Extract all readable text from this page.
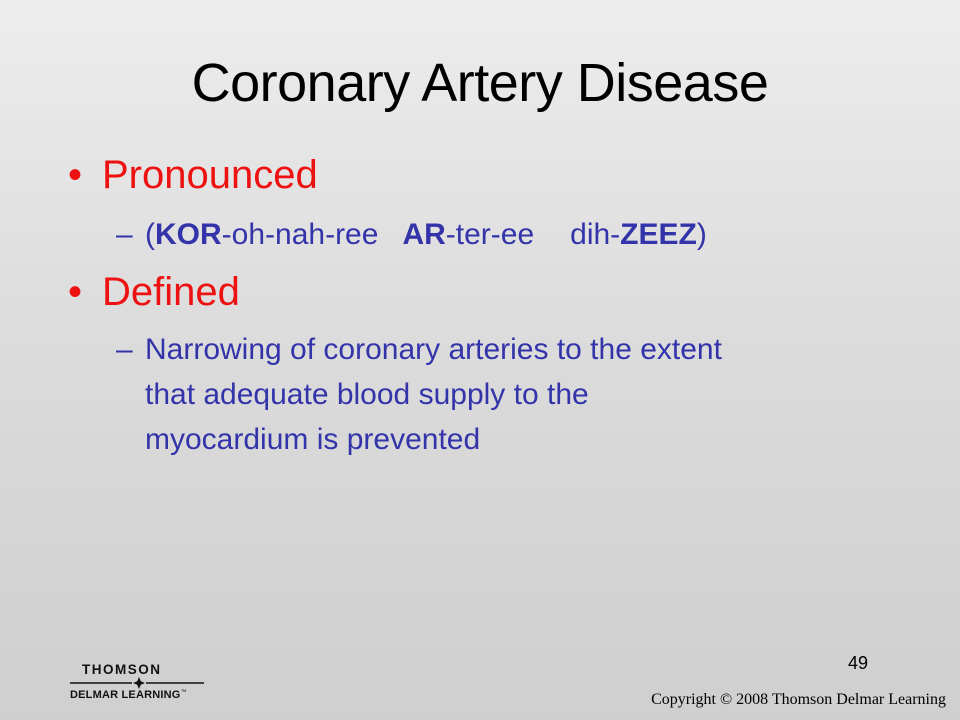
Coronary Artery Disease
• Pronounced
– (KOR-oh-nah-ree AR-ter-ee dih-ZEEZ)
• Defined
– Narrowing of coronary arteries to the extent
that adequate blood supply to the
myocardium is prevented
49
THOMSON
DELMAR LEARNING™	Copyright © 2008 Thomson Delmar Learning
